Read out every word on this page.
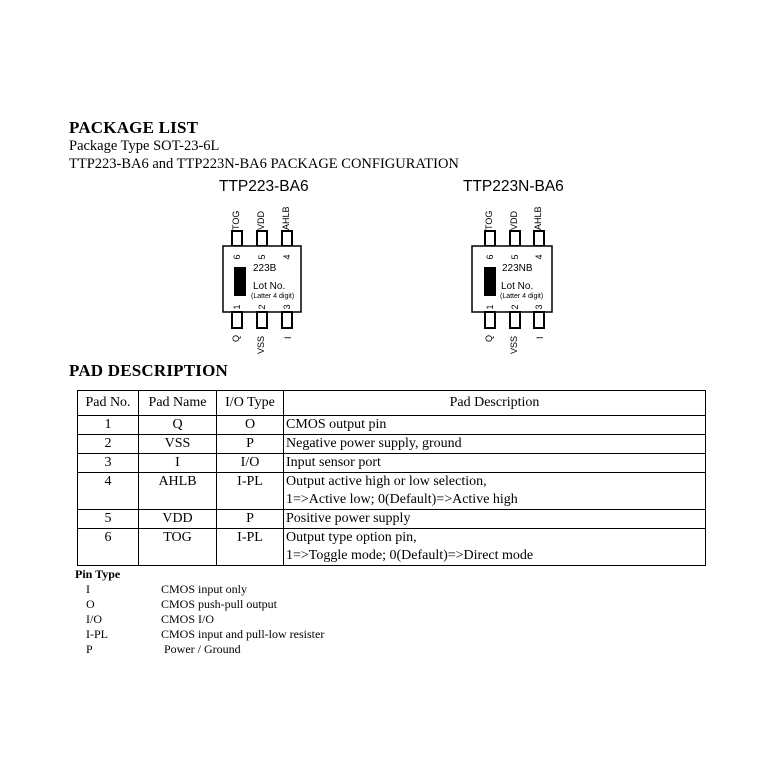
PACKAGE LIST
Package Type SOT-23-6L
TTP223-BA6 and TTP223N-BA6 PACKAGE CONFIGURATION
TTP223-BA6	TTP223N-BA6
6 5 4
TOG VDD AHLB
223B
Lot No.
(Latter 4 digit)
1 2 3
Q VSS I
6 5 4
TOG VDD AHLB
223NB
Lot No.
(Latter 4 digit)
1 2 3
Q VSS I
PAD DESCRIPTION
Pad No.	Pad Name	I/O Type	Pad Description
1	Q	O	CMOS output pin
2	VSS	P	Negative power supply, ground
3	I	I/O	Input sensor port
4	AHLB	I-PL	Output active high or low selection,
1=>Active low; 0(Default)=>Active high

5	VDD	P	Positive power supply
6	TOG	I-PL	Output type option pin,
1=>Toggle mode; 0(Default)=>Direct mode
Pin Type
I	CMOS input only
O	CMOS push-pull output
I/O	CMOS I/O
I-PL	CMOS input and pull-low resister
P	Power / Ground
